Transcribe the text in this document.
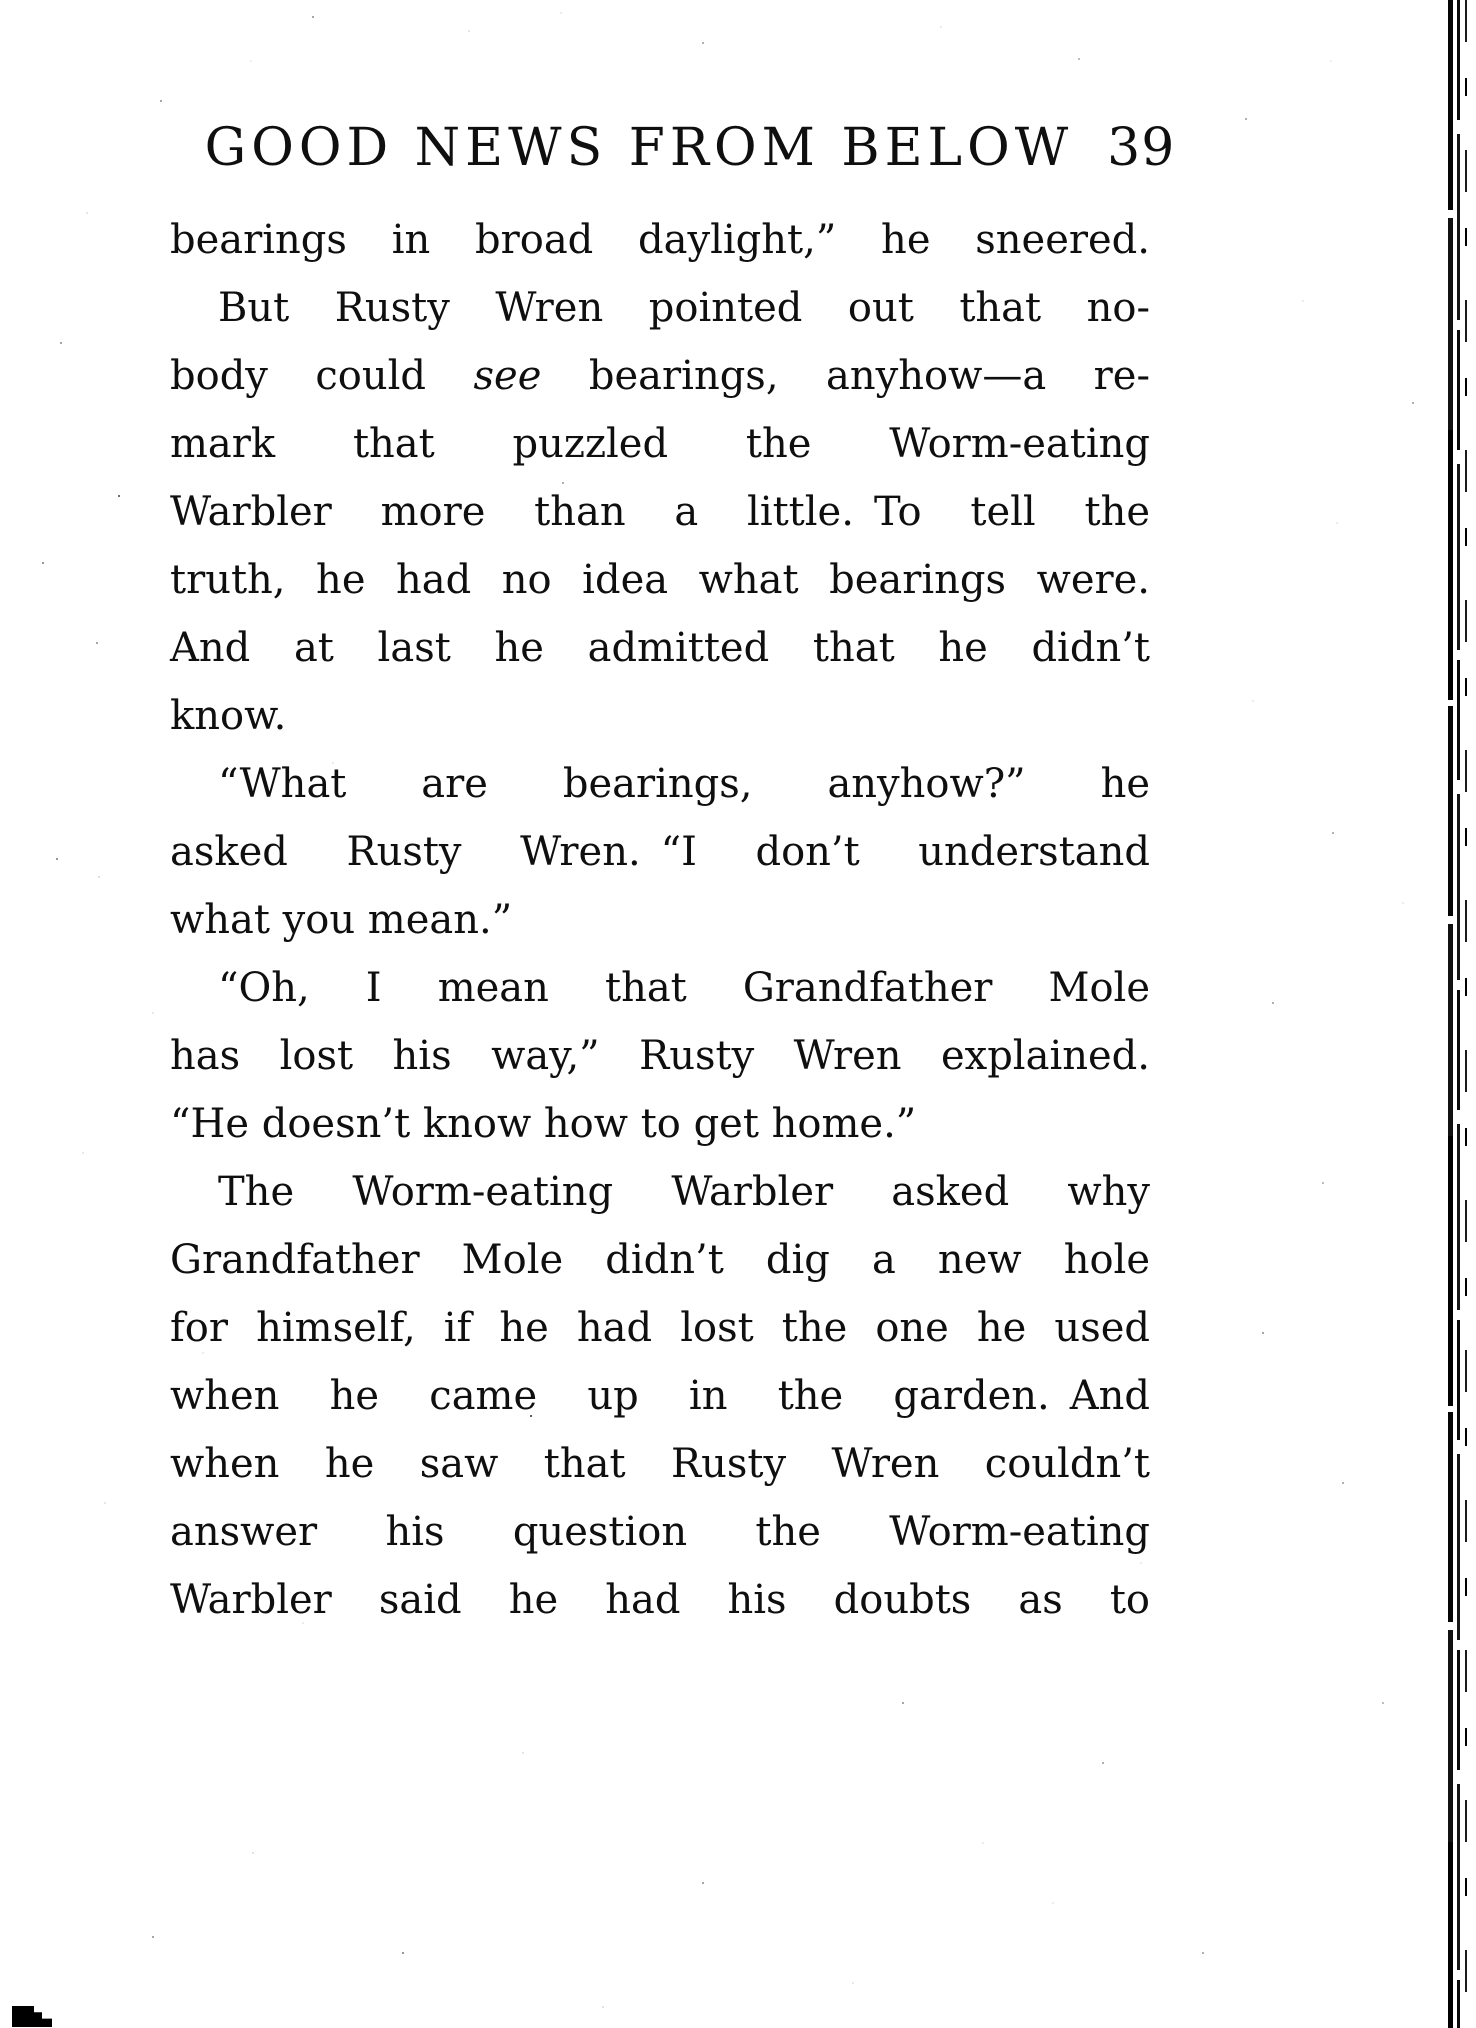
GOOD NEWS FROM BELOW 39
bearings in broad daylight,” he sneered.
But Rusty Wren pointed out that no-
body could see bearings, anyhow—a re-
mark that puzzled the Worm-eating
Warbler more than a little. To tell the
truth, he had no idea what bearings were.
And at last he admitted that he didn’t
know.
“What are bearings, anyhow?” he
asked Rusty Wren. “I don’t understand
what you mean.”
“Oh, I mean that Grandfather Mole
has lost his way,” Rusty Wren explained.
“He doesn’t know how to get home.”
The Worm-eating Warbler asked why
Grandfather Mole didn’t dig a new hole
for himself, if he had lost the one he used
when he came up in the garden. And
when he saw that Rusty Wren couldn’t
answer his question the Worm-eating
Warbler said he had his doubts as to
